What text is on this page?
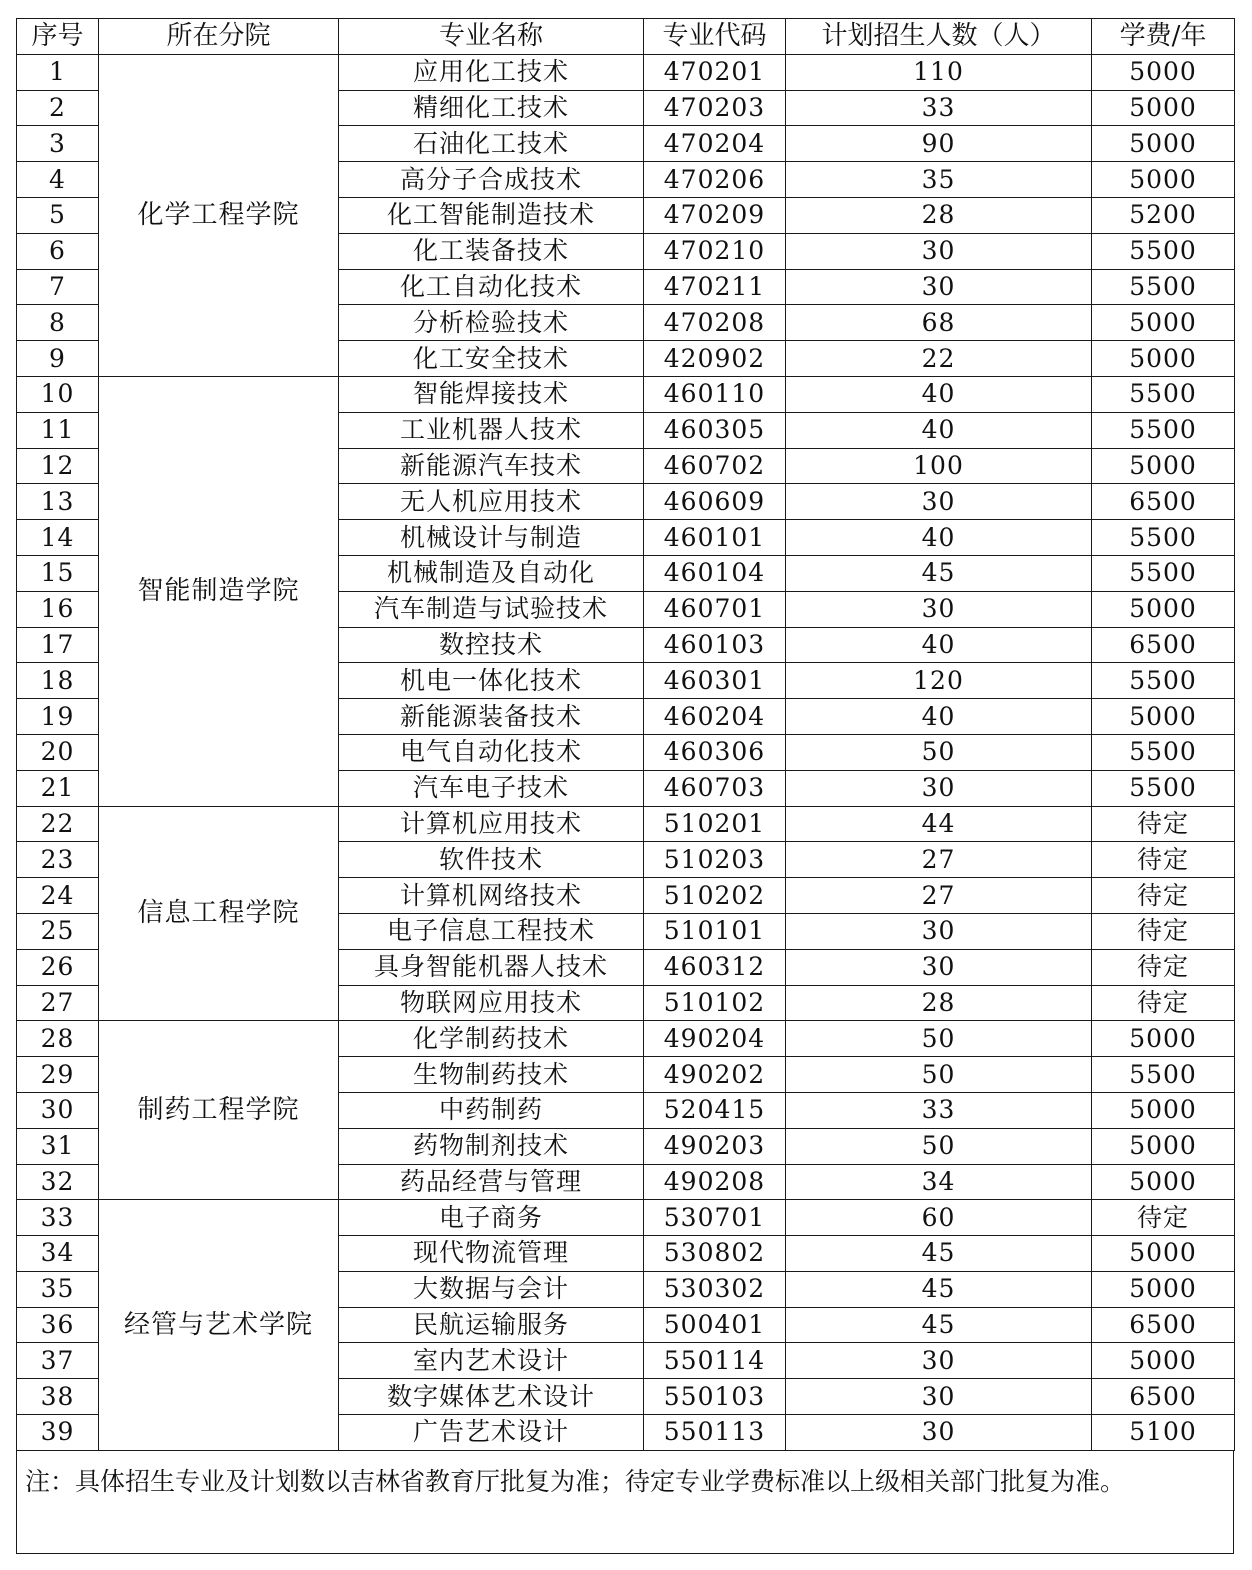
序号	所在分院	专业名称	专业代码	计划招生人数（人）	学费/年
1	化学工程学院	应用化工技术	470201	110	5000
2		精细化工技术	470203	33	5000
3		石油化工技术	470204	90	5000
4		高分子合成技术	470206	35	5000
5		化工智能制造技术	470209	28	5200
6		化工装备技术	470210	30	5500
7		化工自动化技术	470211	30	5500
8		分析检验技术	470208	68	5000
9		化工安全技术	420902	22	5000
10	智能制造学院	智能焊接技术	460110	40	5500
11		工业机器人技术	460305	40	5500
12		新能源汽车技术	460702	100	5000
13		无人机应用技术	460609	30	6500
14		机械设计与制造	460101	40	5500
15		机械制造及自动化	460104	45	5500
16		汽车制造与试验技术	460701	30	5000
17		数控技术	460103	40	6500
18		机电一体化技术	460301	120	5500
19		新能源装备技术	460204	40	5000
20		电气自动化技术	460306	50	5500
21		汽车电子技术	460703	30	5500
22	信息工程学院	计算机应用技术	510201	44	待定
23		软件技术	510203	27	待定
24		计算机网络技术	510202	27	待定
25		电子信息工程技术	510101	30	待定
26		具身智能机器人技术	460312	30	待定
27		物联网应用技术	510102	28	待定
28	制药工程学院	化学制药技术	490204	50	5000
29		生物制药技术	490202	50	5500
30		中药制药	520415	33	5000
31		药物制剂技术	490203	50	5000
32		药品经营与管理	490208	34	5000
33	经管与艺术学院	电子商务	530701	60	待定
34		现代物流管理	530802	45	5000
35		大数据与会计	530302	45	5000
36		民航运输服务	500401	45	6500
37		室内艺术设计	550114	30	5000
38		数字媒体艺术设计	550103	30	6500
39		广告艺术设计	550113	30	5100
注：具体招生专业及计划数以吉林省教育厅批复为准；待定专业学费标准以上级相关部门批复为准。
